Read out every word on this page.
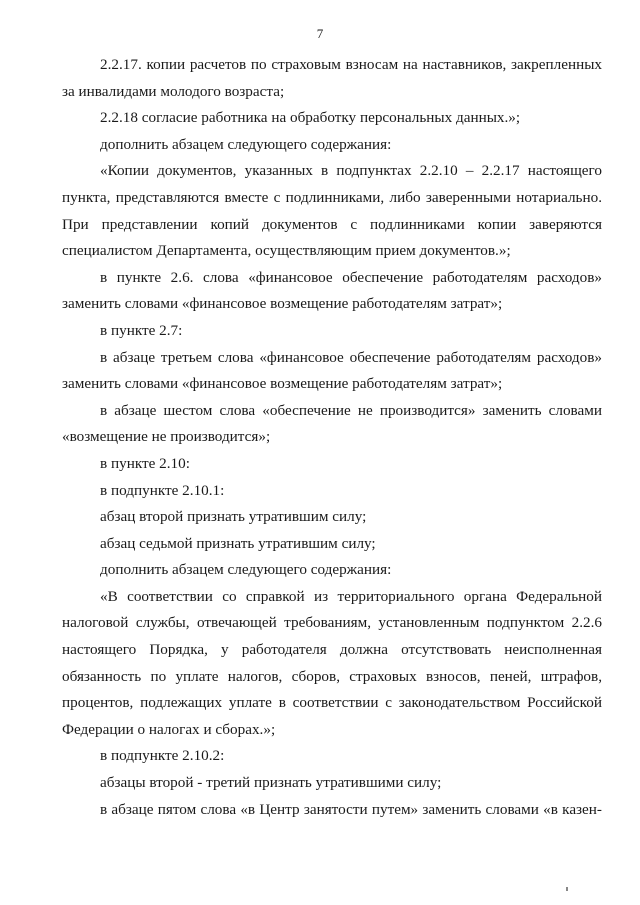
7

2.2.17. копии расчетов по страховым взносам на наставников, закрепленных за инвалидами молодого возраста;

2.2.18 согласие работника на обработку персональных данных.»;

дополнить абзацем следующего содержания:

«Копии документов, указанных в подпунктах 2.2.10 – 2.2.17 настоящего пункта, представляются вместе с подлинниками, либо заверенными нотариально. При представлении копий документов с подлинниками копии заверяются специалистом Департамента, осуществляющим прием документов.»;

в пункте 2.6. слова «финансовое обеспечение работодателям расходов» заменить словами «финансовое возмещение работодателям затрат»;

в пункте 2.7:

в абзаце третьем слова «финансовое обеспечение работодателям расходов» заменить словами «финансовое возмещение работодателям затрат»;

в абзаце шестом слова «обеспечение не производится» заменить словами «возмещение не производится»;

в пункте 2.10:

в подпункте 2.10.1:

абзац второй признать утратившим силу;

абзац седьмой признать утратившим силу;

дополнить абзацем следующего содержания:

«В соответствии со справкой из территориального органа Федеральной налоговой службы, отвечающей требованиям, установленным подпунктом 2.2.6 настоящего Порядка, у работодателя должна отсутствовать неисполненная обязанность по уплате налогов, сборов, страховых взносов, пеней, штрафов, процентов, подлежащих уплате в соответствии с законодательством Российской Федерации о налогах и сборах.»;

в подпункте 2.10.2:

абзацы второй - третий признать утратившими силу;

в абзаце пятом слова «в Центр занятости путем» заменить словами «в казен-
